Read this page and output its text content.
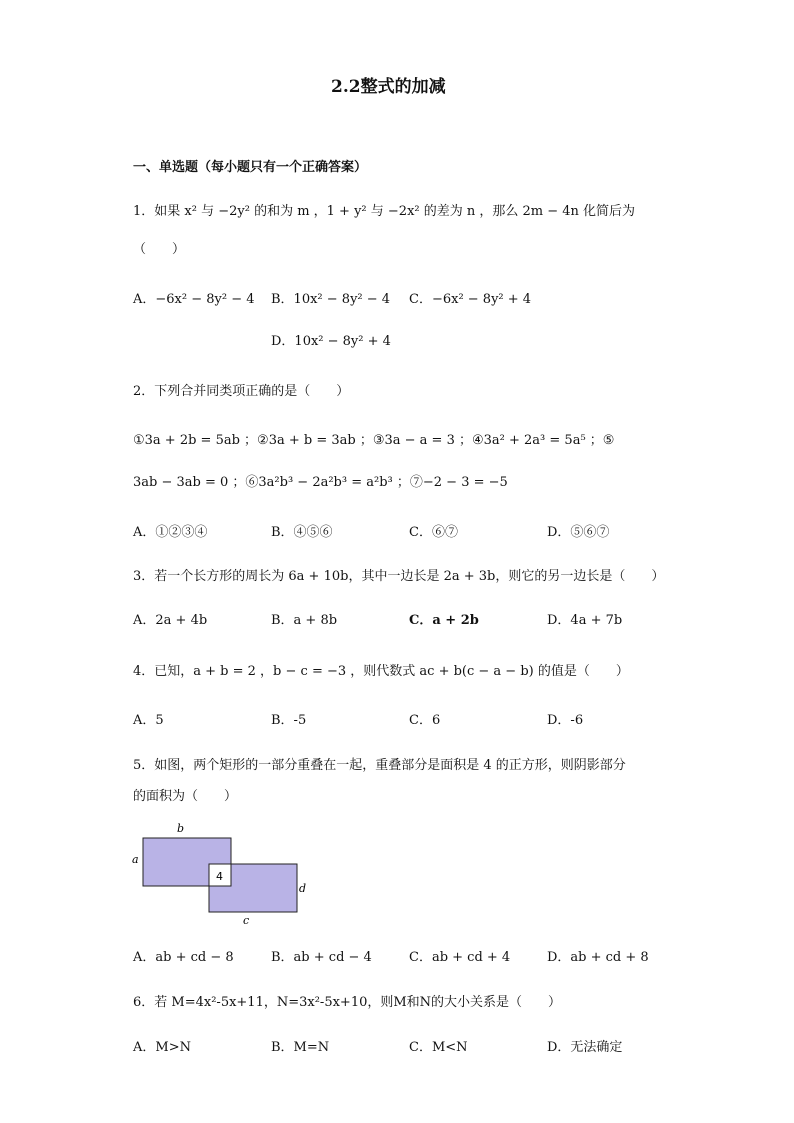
2.2整式的加减
一、单选题（每小题只有一个正确答案）
1．如果 x² 与 −2y² 的和为 m ，1 + y² 与 −2x² 的差为 n ，那么 2m − 4n 化简后为
（　　）
A．−6x² − 8y² − 4 B．10x² − 8y² − 4 C．−6x² − 8y² + 4
D．10x² − 8y² + 4
2．下列合并同类项正确的是（　　）
①3a + 2b = 5ab ；②3a + b = 3ab ；③3a − a = 3 ；④3a² + 2a³ = 5a⁵ ；⑤
3ab − 3ab = 0 ；⑥3a²b³ − 2a²b³ = a²b³ ；⑦−2 − 3 = −5
A．①②③④	B．④⑤⑥	C．⑥⑦	D．⑤⑥⑦
3．若一个长方形的周长为 6a + 10b，其中一边长是 2a + 3b，则它的另一边长是（　　）
A．2a + 4b	B．a + 8b	C．a + 2b	D．4a + 7b
4．已知，a + b = 2 ，b − c = −3 ，则代数式 ac + b(c − a − b) 的值是（　　）
A．5	B．-5	C．6	D．-6
5．如图，两个矩形的一部分重叠在一起，重叠部分是面积是 4 的正方形，则阴影部分
的面积为（　　）
b
a
4
d
c
A．ab + cd − 8	B．ab + cd − 4	C．ab + cd + 4	D．ab + cd + 8
6．若 M=4x²-5x+11，N=3x²-5x+10，则M和N的大小关系是（　　）
A．M>N	B．M=N	C．M<N	D．无法确定
